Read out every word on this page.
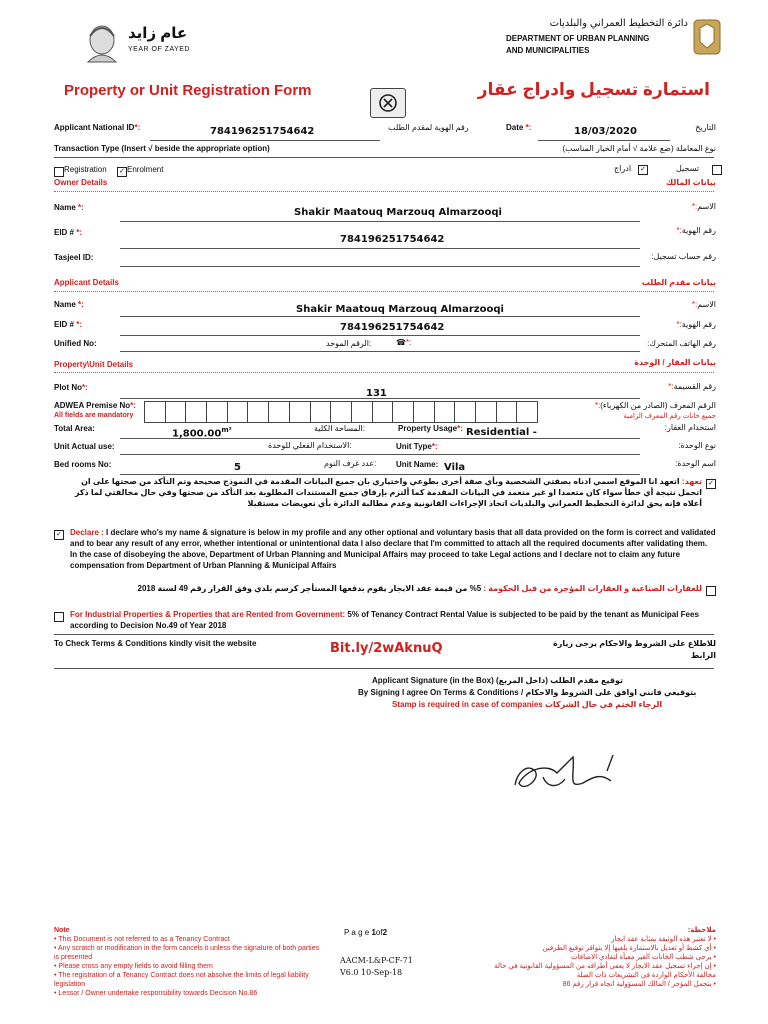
عام زايد
YEAR OF ZAYED
دائرة التخطيط العمراني والبلديات
DEPARTMENT OF URBAN PLANNING
AND MUNICIPALITIES
Property or Unit Registration Form	استمارة تسجيل وادراج عقار
Applicant National ID*:	784196251754642	رقم الهوية لمقدم الطلب	Date *:	18/03/2020	التاريخ
Transaction Type (Insert √ beside the appropriate option)	نوع المعاملة (ضع علامة √ أمام الخيار المناسب)
Registration ✓ Enrolment	✓
ادراج	تسجيل
Owner Details	بيانات المالك
Name *:	Shakir Maatouq Marzouq Almarzooqi
الاسم:*
EID # *:
784196251754642
رقم الهوية:*
Tasjeel ID:	رقم حساب تسجيل:
Applicant Details	بيانات مقدم الطلب
Name *:	Shakir Maatouq Marzouq Almarzooqi	الاسم:*
EID # *:	784196251754642	رقم الهوية:*
Unified No:	الرقم الموحد:	☎*:	رقم الهاتف المتحرك:
Property\Unit Details	بيانات العقار / الوحدة
Plot No*:
131
رقم القسيمة:*
ADWEA Premise No*:
All fields are mandatory
الرقم المعرف (الصادر من الكهرباء):*
جميع خانات رقم المعرف الزامية
Total Area:	$1,800.00^{m^2}$	المساحة الكلية:	Property Usage*: Residential -	استخدام العقار:
Unit Actual use:	الاستخدام الفعلي للوحدة:	Unit Type*:	نوع الوحدة:
Bed rooms No:	5	عدد غرف النوم: Unit Name: Vila	اسم الوحدة:
✓
تعهد: اتعهد انا الموقع اسمي ادناه بصفتي الشخصية وبأي صفة أخرى بطوعي واختياري بان جميع البيانات المقدمة في النموذج صحيحة وتم التأكد من صحتها على ان اتحمل نتيجة أي خطأ سواء كان متعمدا او غير متعمد في البيانات المقدمة كما ألتزم بإرفاق جميع المستندات المطلوبة بعد التأكد من صحتها وفي حال مخالفتي لما ذكر أعلاه فإنه يحق لدائرة التخطيط العمراني والبلديات اتخاذ الإجراءات القانونية وعدم مطالبة الدائرة بأي تعويضات مستقبلا
✓ Declare : I declare who's my name & signature is below in my profile and any other optional and voluntary basis that all data provided on the form is correct and validated and to bear any result of any error, whether intentional or unintentional data I also declare that I'm committed to attach all the required documents after validating them. In the case of disobeying the above, Department of Urban Planning and Municipal Affairs may proceed to take Legal actions and I declare not to claim any future compensation from Department of Urban Planning & Municipal Affairs
للعقارات الصناعية و العقارات المؤجرة من قبل الحكومة : 5% من قيمة عقد الايجار يقوم بدفعها المستأجر كرسم بلدي وفق القرار رقم 49 لسنة 2018
For Industrial Properties & Properties that are Rented from Government: 5% of Tenancy Contract Rental Value is subjected to be paid by the tenant as Municipal Fees according to Decision No.49 of Year 2018
To Check Terms & Conditions kindly visit the website	Bit.ly/2wAknuQ	للاطلاع على الشروط والاحكام يرجى زيارة الرابط
Applicant Signature (in the Box) توقيع مقدم الطلب (داخل المربع)
By Signing I agree On Terms & Conditions / بتوقيعي فانني اوافق على الشروط والاحكام
Stamp is required in case of companies الرجاء الختم في حال الشركات
Note
• This Document is not referred to as a Tenancy Contract
• Any scratch or modification in the form cancels it unless the signature of both parties is presented
• Please cross any empty fields to avoid filling them
• The registration of a Tenancy Contract does not absolve the limits of legal liability legislation
• Lessor / Owner undertake responsibility towards Decision No.86
P a g e 1of2
AACM-L&P-CF-71
V6.0 10-Sep-18
ملاحظة:
• لا تعتبر هذه الوثيقة بمثابة عقد ايجار
• أي كشط أو تعديل بالاستمارة يلغيها إلا بتوافر توقيع الطرفين
• يرجى شطب الخانات الغير معبأة لتفادي الاضافات
• إن إجراء تسجيل عقد الايجار لا يعفي أطرافه من المسؤولية القانونية في حالة مخالفة الأحكام الواردة في التشريعات ذات الصلة
• يتحمل المؤجر / المالك المسؤولية اتجاه قرار رقم 86
